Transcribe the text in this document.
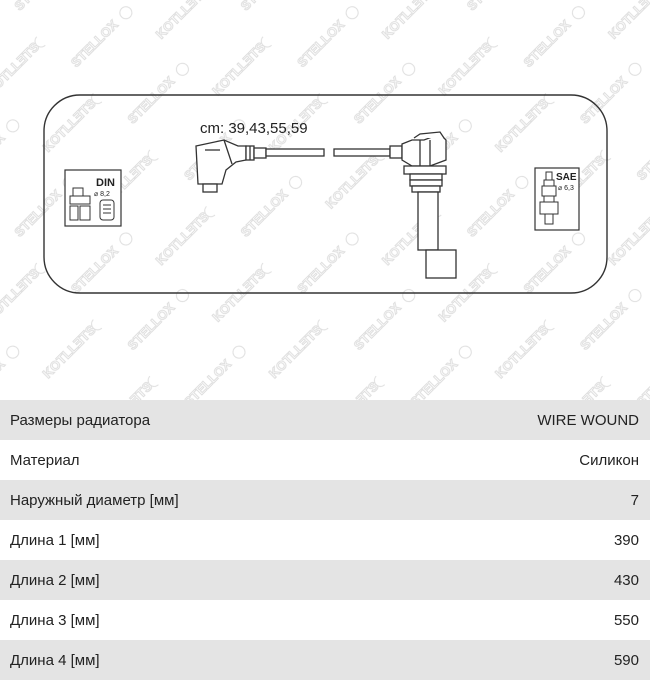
cm: 39,43,55,59
DIN
⌀ 8,2
SAE
⌀ 6,3
Размеры радиатора	WIRE WOUND
Материал	Силикон
Наружный диаметр [мм]	7
Длина 1 [мм]	390
Длина 2 [мм]	430
Длина 3 [мм]	550
Длина 4 [мм]	590
